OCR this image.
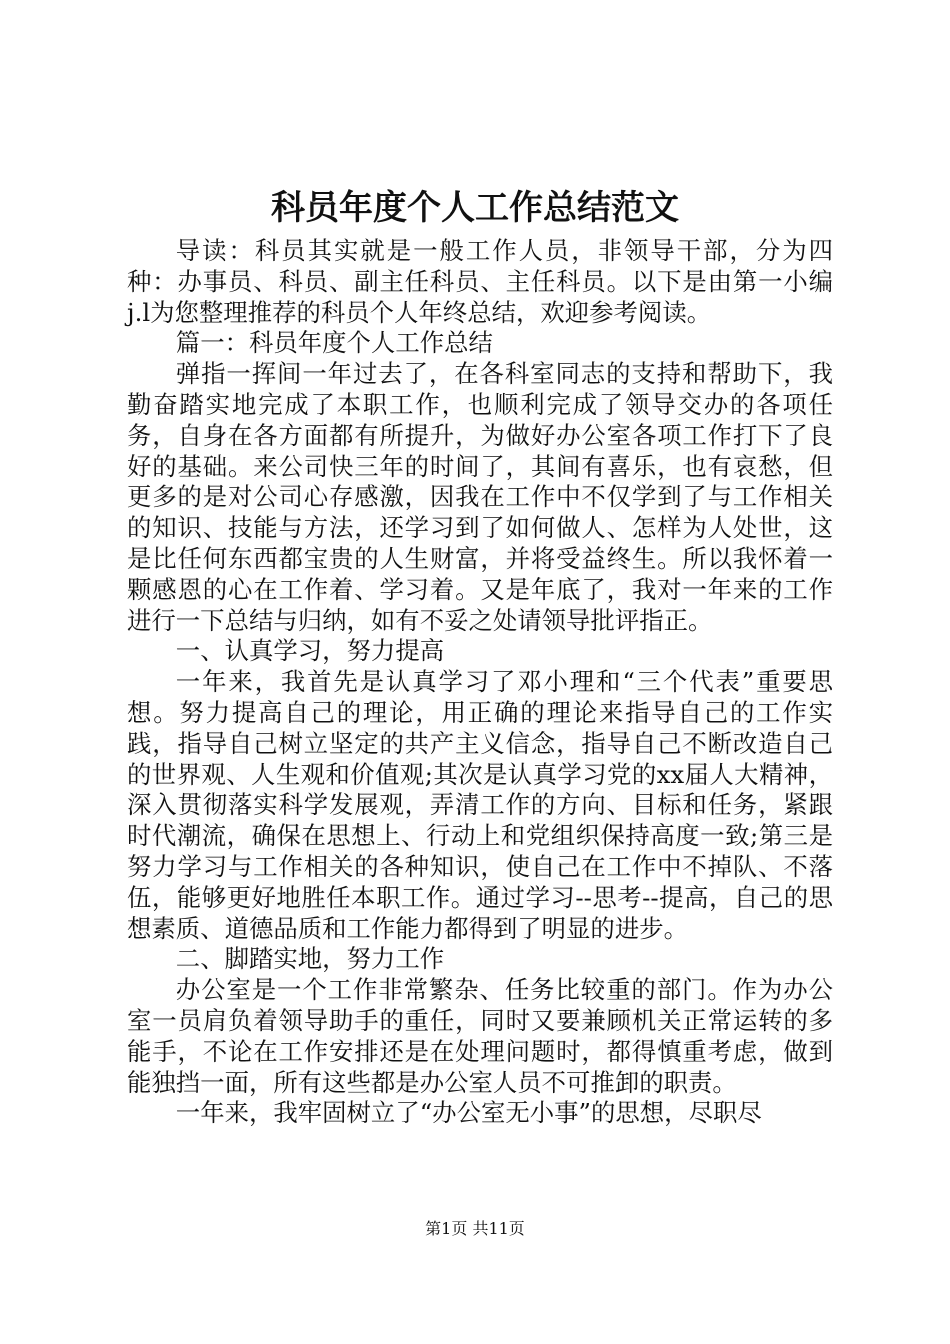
科员年度个人工作总结范文

导读：科员其实就是一般工作人员，非领导干部，分为四种：办事员、科员、副主任科员、主任科员。以下是由第一小编j.l为您整理推荐的科员个人年终总结，欢迎参考阅读。

篇一：科员年度个人工作总结

弹指一挥间一年过去了，在各科室同志的支持和帮助下，我勤奋踏实地完成了本职工作，也顺利完成了领导交办的各项任务，自身在各方面都有所提升，为做好办公室各项工作打下了良好的基础。来公司快三年的时间了，其间有喜乐，也有哀愁，但更多的是对公司心存感激，因我在工作中不仅学到了与工作相关的知识、技能与方法，还学习到了如何做人、怎样为人处世，这是比任何东西都宝贵的人生财富，并将受益终生。所以我怀着一颗感恩的心在工作着、学习着。又是年底了，我对一年来的工作进行一下总结与归纳，如有不妥之处请领导批评指正。

一、认真学习，努力提高

一年来，我首先是认真学习了邓小理和“三个代表”重要思想。努力提高自己的理论，用正确的理论来指导自己的工作实践，指导自己树立坚定的共产主义信念，指导自己不断改造自己的世界观、人生观和价值观;其次是认真学习党的xx届人大精神，深入贯彻落实科学发展观，弄清工作的方向、目标和任务，紧跟时代潮流，确保在思想上、行动上和党组织保持高度一致;第三是努力学习与工作相关的各种知识，使自己在工作中不掉队、不落伍，能够更好地胜任本职工作。通过学习--思考--提高，自己的思想素质、道德品质和工作能力都得到了明显的进步。

二、脚踏实地，努力工作

办公室是一个工作非常繁杂、任务比较重的部门。作为办公室一员肩负着领导助手的重任，同时又要兼顾机关正常运转的多能手，不论在工作安排还是在处理问题时，都得慎重考虑，做到能独挡一面，所有这些都是办公室人员不可推卸的职责。

一年来，我牢固树立了“办公室无小事”的思想，尽职尽

第1页 共11页
